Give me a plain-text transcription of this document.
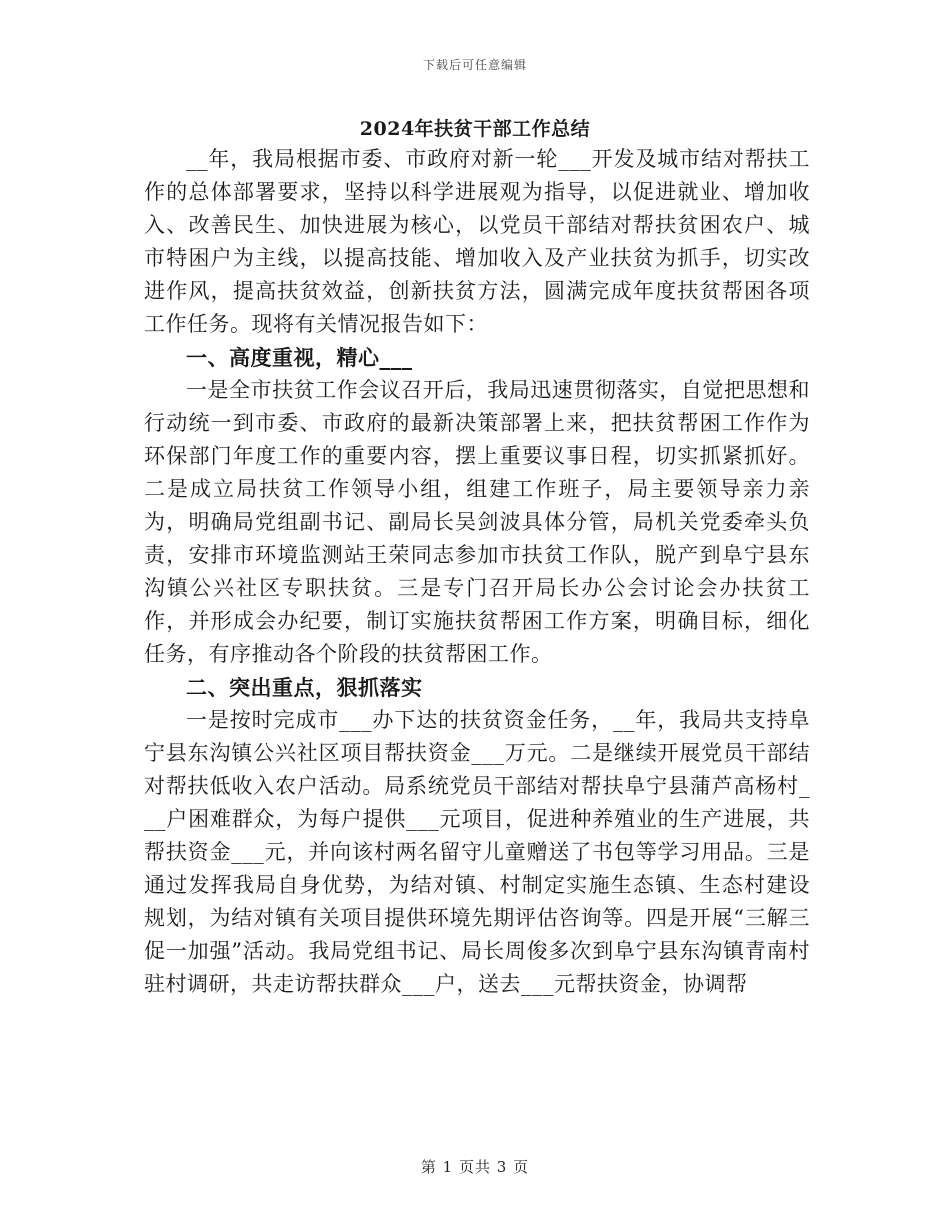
下载后可任意编辑
2024年扶贫干部工作总结

__年，我局根据市委、市政府对新一轮___开发及城市结对帮扶工作的总体部署要求，坚持以科学进展观为指导，以促进就业、增加收入、改善民生、加快进展为核心，以党员干部结对帮扶贫困农户、城市特困户为主线，以提高技能、增加收入及产业扶贫为抓手，切实改进作风，提高扶贫效益，创新扶贫方法，圆满完成年度扶贫帮困各项工作任务。现将有关情况报告如下：

一、高度重视，精心___

一是全市扶贫工作会议召开后，我局迅速贯彻落实，自觉把思想和行动统一到市委、市政府的最新决策部署上来，把扶贫帮困工作作为环保部门年度工作的重要内容，摆上重要议事日程，切实抓紧抓好。二是成立局扶贫工作领导小组，组建工作班子，局主要领导亲力亲为，明确局党组副书记、副局长吴剑波具体分管，局机关党委牵头负责，安排市环境监测站王荣同志参加市扶贫工作队，脱产到阜宁县东沟镇公兴社区专职扶贫。三是专门召开局长办公会讨论会办扶贫工作，并形成会办纪要，制订实施扶贫帮困工作方案，明确目标，细化任务，有序推动各个阶段的扶贫帮困工作。

二、突出重点，狠抓落实

一是按时完成市___办下达的扶贫资金任务，__年，我局共支持阜宁县东沟镇公兴社区项目帮扶资金___万元。二是继续开展党员干部结对帮扶低收入农户活动。局系统党员干部结对帮扶阜宁县蒲芦高杨村___户困难群众，为每户提供___元项目，促进种养殖业的生产进展，共帮扶资金___元，并向该村两名留守儿童赠送了书包等学习用品。三是通过发挥我局自身优势，为结对镇、村制定实施生态镇、生态村建设规划，为结对镇有关项目提供环境先期评估咨询等。四是开展“三解三促一加强”活动。我局党组书记、局长周俊多次到阜宁县东沟镇青南村驻村调研，共走访帮扶群众___户，送去___元帮扶资金，协调帮

第 1 页共 3 页
